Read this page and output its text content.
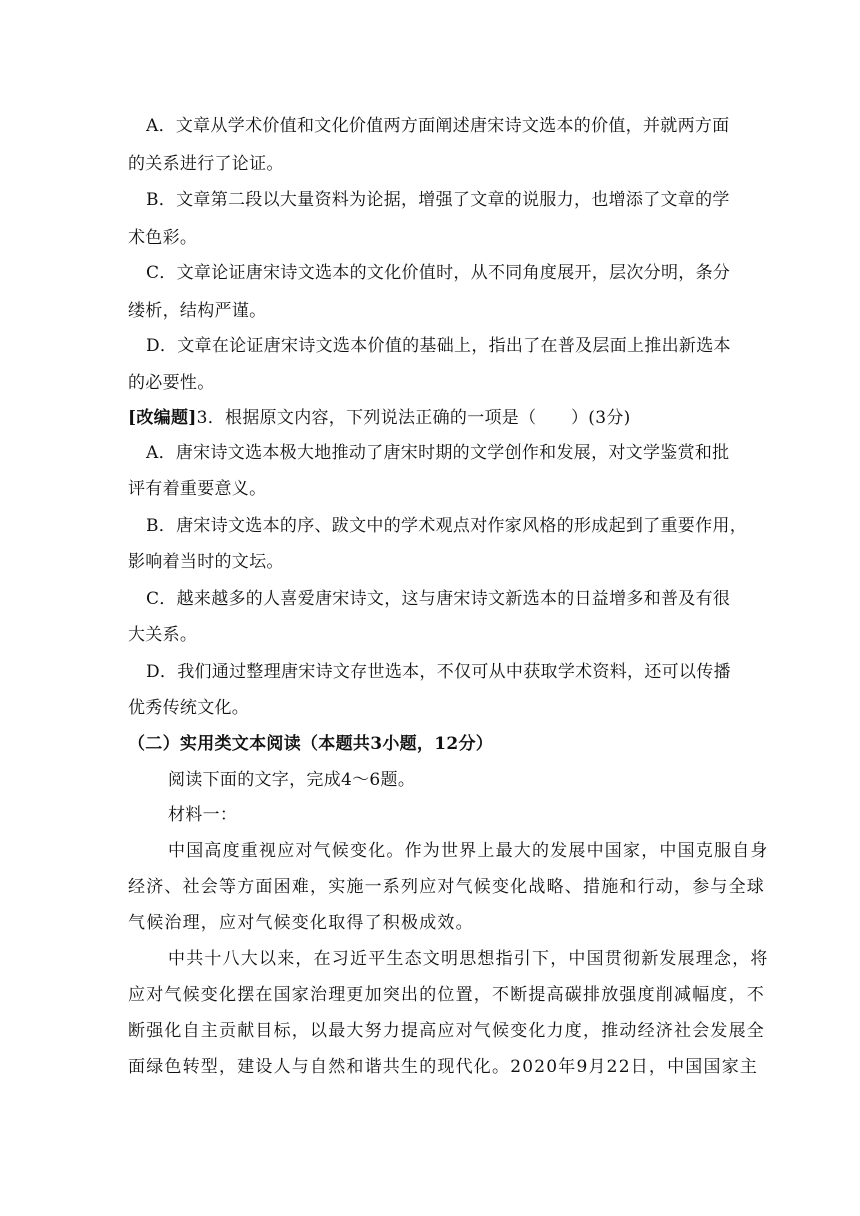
A．文章从学术价值和文化价值两方面阐述唐宋诗文选本的价值，并就两方面
的关系进行了论证。
B．文章第二段以大量资料为论据，增强了文章的说服力，也增添了文章的学
术色彩。
C．文章论证唐宋诗文选本的文化价值时，从不同角度展开，层次分明，条分
缕析，结构严谨。
D．文章在论证唐宋诗文选本价值的基础上，指出了在普及层面上推出新选本
的必要性。
[改编题]3．根据原文内容，下列说法正确的一项是（　　）(3分)
A．唐宋诗文选本极大地推动了唐宋时期的文学创作和发展，对文学鉴赏和批
评有着重要意义。
B．唐宋诗文选本的序、跋文中的学术观点对作家风格的形成起到了重要作用，
影响着当时的文坛。
C．越来越多的人喜爱唐宋诗文，这与唐宋诗文新选本的日益增多和普及有很
大关系。
D．我们通过整理唐宋诗文存世选本，不仅可从中获取学术资料，还可以传播
优秀传统文化。
（二）实用类文本阅读（本题共3小题，12分）
阅读下面的文字，完成4～6题。
材料一：
中国高度重视应对气候变化。作为世界上最大的发展中国家，中国克服自身
经济、社会等方面困难，实施一系列应对气候变化战略、措施和行动，参与全球
气候治理，应对气候变化取得了积极成效。
中共十八大以来，在习近平生态文明思想指引下，中国贯彻新发展理念，将
应对气候变化摆在国家治理更加突出的位置，不断提高碳排放强度削减幅度，不
断强化自主贡献目标，以最大努力提高应对气候变化力度，推动经济社会发展全
面绿色转型，建设人与自然和谐共生的现代化。2020年9月22日，中国国家主
